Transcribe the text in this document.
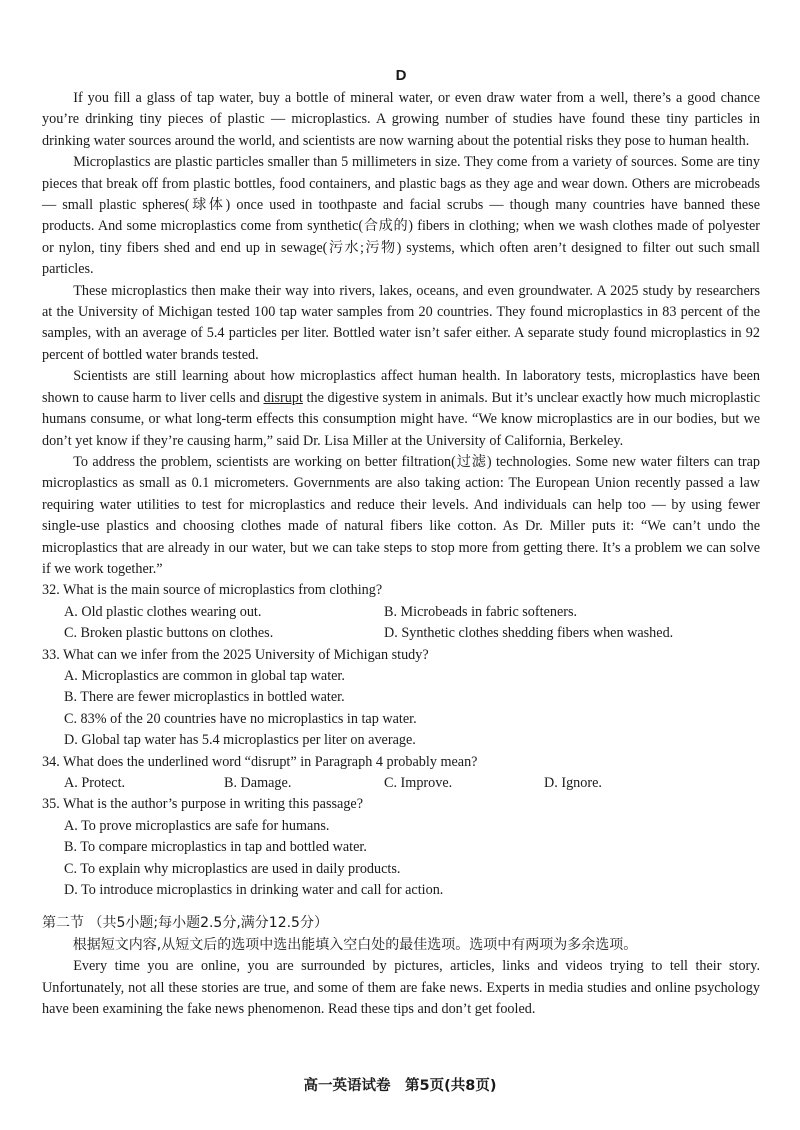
D

If you fill a glass of tap water, buy a bottle of mineral water, or even draw water from a well, there’s a good chance you’re drinking tiny pieces of plastic — microplastics. A growing number of studies have found these tiny particles in drinking water sources around the world, and scientists are now warning about the potential risks they pose to human health.

Microplastics are plastic particles smaller than 5 millimeters in size. They come from a variety of sources. Some are tiny pieces that break off from plastic bottles, food containers, and plastic bags as they age and wear down. Others are microbeads — small plastic spheres(球体) once used in toothpaste and facial scrubs — though many countries have banned these products. And some microplastics come from synthetic(合成的) fibers in clothing; when we wash clothes made of polyester or nylon, tiny fibers shed and end up in sewage(污水;污物) systems, which often aren’t designed to filter out such small particles.

These microplastics then make their way into rivers, lakes, oceans, and even groundwater. A 2025 study by researchers at the University of Michigan tested 100 tap water samples from 20 countries. They found microplastics in 83 percent of the samples, with an average of 5.4 particles per liter. Bottled water isn’t safer either. A separate study found microplastics in 92 percent of bottled water brands tested.

Scientists are still learning about how microplastics affect human health. In laboratory tests, microplastics have been shown to cause harm to liver cells and disrupt the digestive system in animals. But it’s unclear exactly how much microplastic humans consume, or what long-term effects this consumption might have. “We know microplastics are in our bodies, but we don’t yet know if they’re causing harm,” said Dr. Lisa Miller at the University of California, Berkeley.

To address the problem, scientists are working on better filtration(过滤) technologies. Some new water filters can trap microplastics as small as 0.1 micrometers. Governments are also taking action: The European Union recently passed a law requiring water utilities to test for microplastics and reduce their levels. And individuals can help too — by using fewer single-use plastics and choosing clothes made of natural fibers like cotton. As Dr. Miller puts it: “We can’t undo the microplastics that are already in our water, but we can take steps to stop more from getting there. It’s a problem we can solve if we work together.”

32. What is the main source of microplastics from clothing?

A. Old plastic clothes wearing out.	B. Microbeads in fabric softeners.
C. Broken plastic buttons on clothes.	D. Synthetic clothes shedding fibers when washed.

33. What can we infer from the 2025 University of Michigan study?

A. Microplastics are common in global tap water.
B. There are fewer microplastics in bottled water.
C. 83% of the 20 countries have no microplastics in tap water.
D. Global tap water has 5.4 microplastics per liter on average.

34. What does the underlined word “disrupt” in Paragraph 4 probably mean?

A. Protect.	B. Damage.	C. Improve.	D. Ignore.

35. What is the author’s purpose in writing this passage?

A. To prove microplastics are safe for humans.
B. To compare microplastics in tap and bottled water.
C. To explain why microplastics are used in daily products.
D. To introduce microplastics in drinking water and call for action.

第二节 （共5小题;每小题2.5分,满分12.5分）

根据短文内容,从短文后的选项中选出能填入空白处的最佳选项。选项中有两项为多余选项。

Every time you are online, you are surrounded by pictures, articles, links and videos trying to tell their story. Unfortunately, not all these stories are true, and some of them are fake news. Experts in media studies and online psychology have been examining the fake news phenomenon. Read these tips and don’t get fooled.

高一英语试卷　第5页(共8页)
